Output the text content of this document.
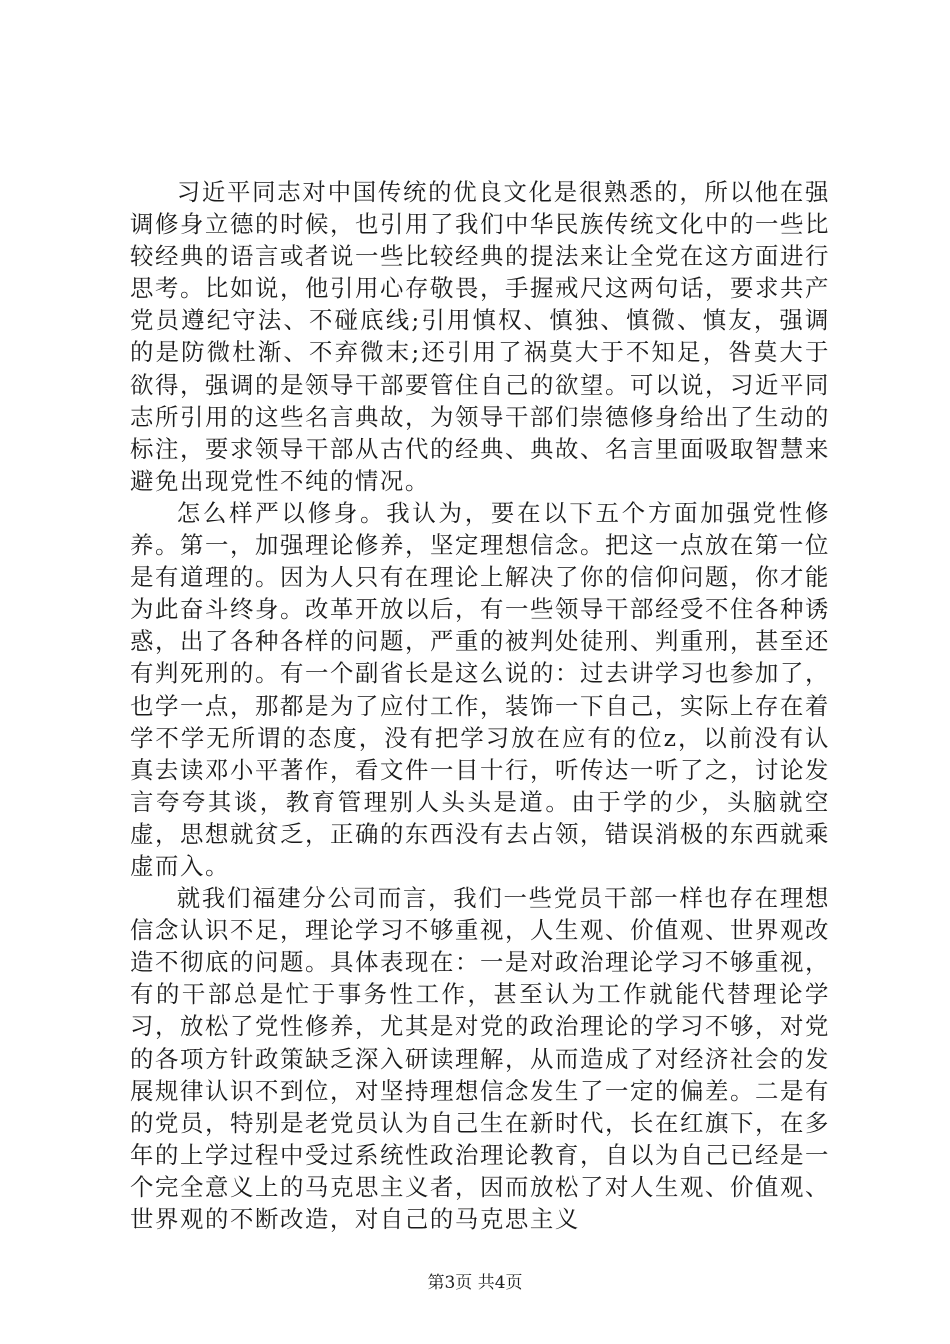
习近平同志对中国传统的优良文化是很熟悉的，所以他在强调修身立德的时候，也引用了我们中华民族传统文化中的一些比较经典的语言或者说一些比较经典的提法来让全党在这方面进行思考。比如说，他引用心存敬畏，手握戒尺这两句话，要求共产党员遵纪守法、不碰底线;引用慎权、慎独、慎微、慎友，强调的是防微杜渐、不弃微末;还引用了祸莫大于不知足，咎莫大于欲得，强调的是领导干部要管住自己的欲望。可以说，习近平同志所引用的这些名言典故，为领导干部们崇德修身给出了生动的标注，要求领导干部从古代的经典、典故、名言里面吸取智慧来避免出现党性不纯的情况。

怎么样严以修身。我认为，要在以下五个方面加强党性修养。第一，加强理论修养，坚定理想信念。把这一点放在第一位是有道理的。因为人只有在理论上解决了你的信仰问题，你才能为此奋斗终身。改革开放以后，有一些领导干部经受不住各种诱惑，出了各种各样的问题，严重的被判处徒刑、判重刑，甚至还有判死刑的。有一个副省长是这么说的：过去讲学习也参加了，也学一点，那都是为了应付工作，装饰一下自己，实际上存在着学不学无所谓的态度，没有把学习放在应有的位z，以前没有认真去读邓小平著作，看文件一目十行，听传达一听了之，讨论发言夸夸其谈，教育管理别人头头是道。由于学的少，头脑就空虚，思想就贫乏，正确的东西没有去占领，错误消极的东西就乘虚而入。

就我们福建分公司而言，我们一些党员干部一样也存在理想信念认识不足，理论学习不够重视，人生观、价值观、世界观改造不彻底的问题。具体表现在：一是对政治理论学习不够重视，有的干部总是忙于事务性工作，甚至认为工作就能代替理论学习，放松了党性修养，尤其是对党的政治理论的学习不够，对党的各项方针政策缺乏深入研读理解，从而造成了对经济社会的发展规律认识不到位，对坚持理想信念发生了一定的偏差。二是有的党员，特别是老党员认为自己生在新时代，长在红旗下，在多年的上学过程中受过系统性政治理论教育，自以为自己已经是一个完全意义上的马克思主义者，因而放松了对人生观、价值观、世界观的不断改造，对自己的马克思主义

第3页 共4页
